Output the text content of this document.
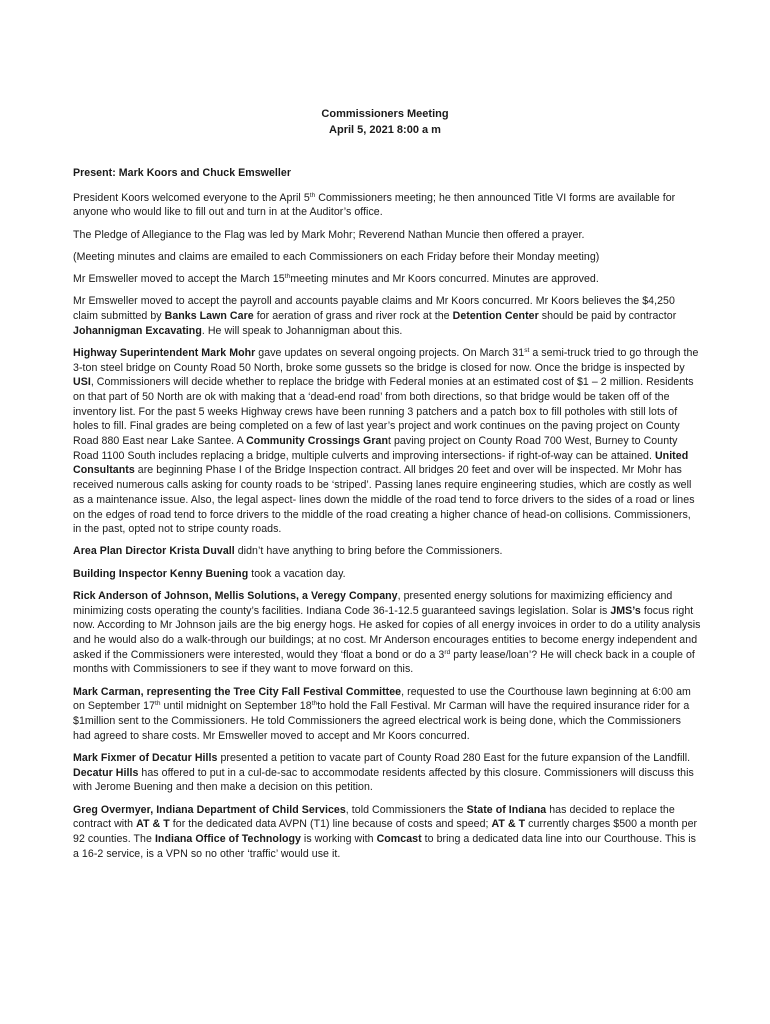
Commissioners Meeting
April 5, 2021 8:00 a m

Present: Mark Koors and Chuck Emsweller

President Koors welcomed everyone to the April 5th Commissioners meeting; he then announced Title VI forms are available for anyone who would like to fill out and turn in at the Auditor’s office.

The Pledge of Allegiance to the Flag was led by Mark Mohr; Reverend Nathan Muncie then offered a prayer.

(Meeting minutes and claims are emailed to each Commissioners on each Friday before their Monday meeting)

Mr Emsweller moved to accept the March 15thmeeting minutes and Mr Koors concurred. Minutes are approved.

Mr Emsweller moved to accept the payroll and accounts payable claims and Mr Koors concurred. Mr Koors believes the $4,250 claim submitted by Banks Lawn Care for aeration of grass and river rock at the Detention Center should be paid by contractor Johannigman Excavating. He will speak to Johannigman about this.

Highway Superintendent Mark Mohr gave updates on several ongoing projects. On March 31st a semi-truck tried to go through the 3-ton steel bridge on County Road 50 North, broke some gussets so the bridge is closed for now. Once the bridge is inspected by USI, Commissioners will decide whether to replace the bridge with Federal monies at an estimated cost of $1 – 2 million. Residents on that part of 50 North are ok with making that a ‘dead-end road’ from both directions, so that bridge would be taken off of the inventory list. For the past 5 weeks Highway crews have been running 3 patchers and a patch box to fill potholes with still lots of holes to fill. Final grades are being completed on a few of last year’s project and work continues on the paving project on County Road 880 East near Lake Santee. A Community Crossings Grant paving project on County Road 700 West, Burney to County Road 1100 South includes replacing a bridge, multiple culverts and improving intersections- if right-of-way can be attained. United Consultants are beginning Phase I of the Bridge Inspection contract. All bridges 20 feet and over will be inspected. Mr Mohr has received numerous calls asking for county roads to be ‘striped’. Passing lanes require engineering studies, which are costly as well as a maintenance issue. Also, the legal aspect- lines down the middle of the road tend to force drivers to the sides of a road or lines on the edges of road tend to force drivers to the middle of the road creating a higher chance of head-on collisions. Commissioners, in the past, opted not to stripe county roads.

Area Plan Director Krista Duvall didn’t have anything to bring before the Commissioners.

Building Inspector Kenny Buening took a vacation day.

Rick Anderson of Johnson, Mellis Solutions, a Veregy Company, presented energy solutions for maximizing efficiency and minimizing costs operating the county’s facilities. Indiana Code 36-1-12.5 guaranteed savings legislation. Solar is JMS’s focus right now. According to Mr Johnson jails are the big energy hogs. He asked for copies of all energy invoices in order to do a utility analysis and he would also do a walk-through our buildings; at no cost. Mr Anderson encourages entities to become energy independent and asked if the Commissioners were interested, would they ‘float a bond or do a 3rd party lease/loan’? He will check back in a couple of months with Commissioners to see if they want to move forward on this.

Mark Carman, representing the Tree City Fall Festival Committee, requested to use the Courthouse lawn beginning at 6:00 am on September 17th until midnight on September 18thto hold the Fall Festival. Mr Carman will have the required insurance rider for a $1million sent to the Commissioners. He told Commissioners the agreed electrical work is being done, which the Commissioners had agreed to share costs. Mr Emsweller moved to accept and Mr Koors concurred.

Mark Fixmer of Decatur Hills presented a petition to vacate part of County Road 280 East for the future expansion of the Landfill. Decatur Hills has offered to put in a cul-de-sac to accommodate residents affected by this closure. Commissioners will discuss this with Jerome Buening and then make a decision on this petition.

Greg Overmyer, Indiana Department of Child Services, told Commissioners the State of Indiana has decided to replace the contract with AT & T for the dedicated data AVPN (T1) line because of costs and speed; AT & T currently charges $500 a month per 92 counties. The Indiana Office of Technology is working with Comcast to bring a dedicated data line into our Courthouse. This is a 16-2 service, is a VPN so no other ‘traffic’ would use it.
